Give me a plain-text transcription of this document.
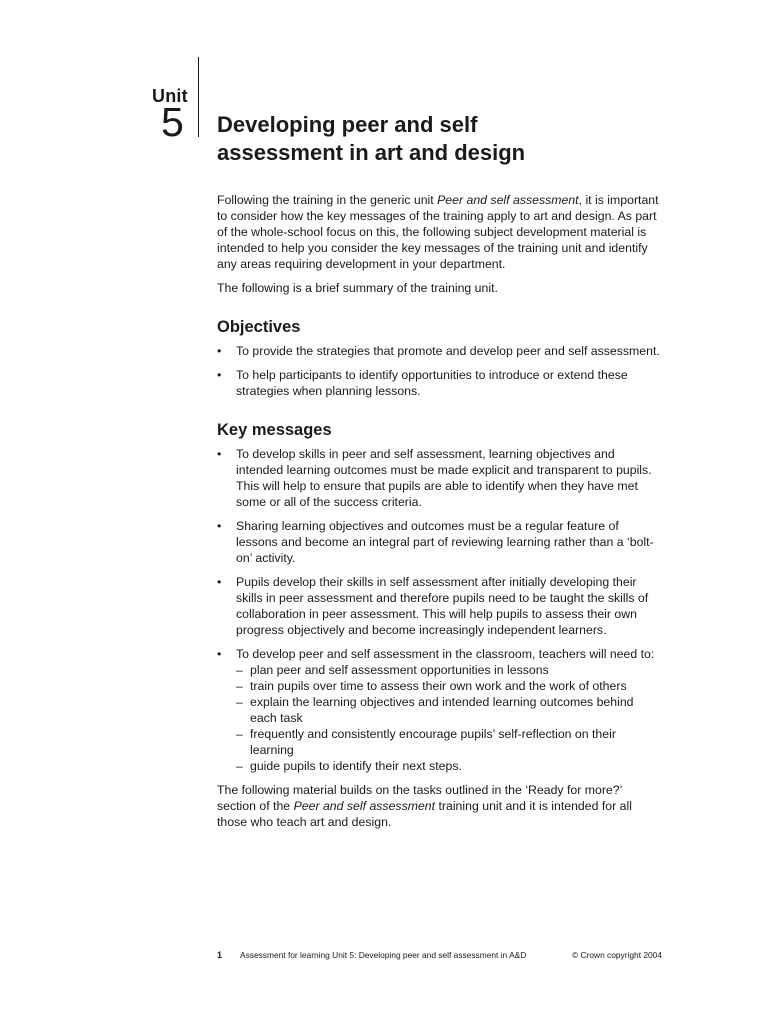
Unit
5 Developing peer and self
assessment in art and design

Following the training in the generic unit Peer and self assessment, it is important to consider how the key messages of the training apply to art and design. As part of the whole-school focus on this, the following subject development material is intended to help you consider the key messages of the training unit and identify any areas requiring development in your department.

The following is a brief summary of the training unit.

Objectives
• To provide the strategies that promote and develop peer and self assessment.
• To help participants to identify opportunities to introduce or extend these strategies when planning lessons.
Key messages
• To develop skills in peer and self assessment, learning objectives and intended learning outcomes must be made explicit and transparent to pupils. This will help to ensure that pupils are able to identify when they have met some or all of the success criteria.
• Sharing learning objectives and outcomes must be a regular feature of lessons and become an integral part of reviewing learning rather than a ‘bolt-on’ activity.
• Pupils develop their skills in self assessment after initially developing their skills in peer assessment and therefore pupils need to be taught the skills of collaboration in peer assessment. This will help pupils to assess their own progress objectively and become increasingly independent learners.
• To develop peer and self assessment in the classroom, teachers will need to:
– plan peer and self assessment opportunities in lessons
– train pupils over time to assess their own work and the work of others
– explain the learning objectives and intended learning outcomes behind each task
– frequently and consistently encourage pupils’ self-reflection on their learning
– guide pupils to identify their next steps.

The following material builds on the tasks outlined in the ‘Ready for more?’ section of the Peer and self assessment training unit and it is intended for all those who teach art and design.

1 Assessment for learning Unit 5: Developing peer and self assessment in A&D	© Crown copyright 2004
